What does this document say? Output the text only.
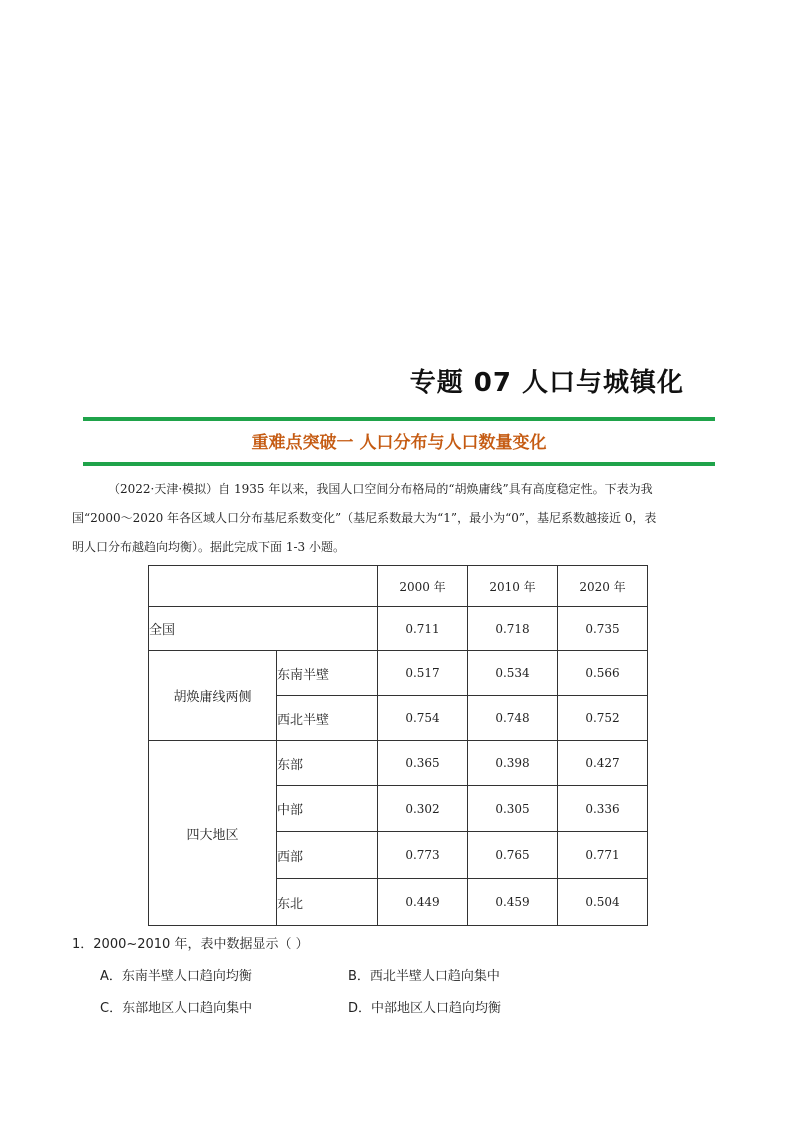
专题 07 人口与城镇化
重难点突破一 人口分布与人口数量变化
（2022·天津·模拟）自 1935 年以来，我国人口空间分布格局的“胡焕庸线”具有高度稳定性。下表为我
国“2000～2020 年各区域人口分布基尼系数变化”（基尼系数最大为“1”，最小为“0”，基尼系数越接近 0，表
明人口分布越趋向均衡）。据此完成下面 1-3 小题。
		2000 年	2010 年	2020 年
全国		0.711	0.718	0.735
胡焕庸线两侧	东南半壁	0.517	0.534	0.566
	西北半壁	0.754	0.748	0.752
四大地区	东部	0.365	0.398	0.427
	中部	0.302	0.305	0.336
	西部	0.773	0.765	0.771
	东北	0.449	0.459	0.504
1．2000~2010 年，表中数据显示（ ）
A．东南半壁人口趋向均衡	B．西北半壁人口趋向集中
C．东部地区人口趋向集中	D．中部地区人口趋向均衡
